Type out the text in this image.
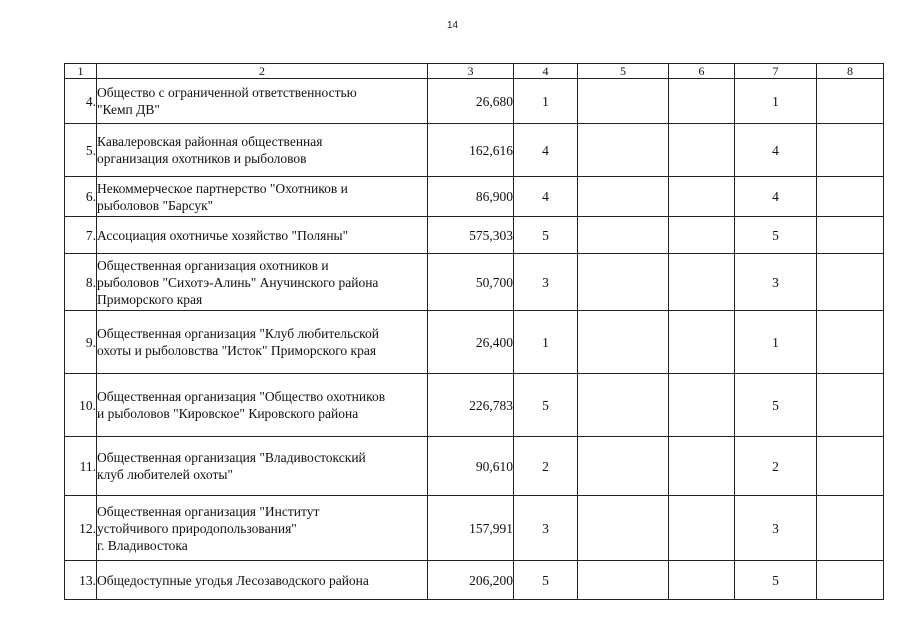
14
1	2	3	4	5	6	7	8
4.	Общество с ограниченной ответственностью
"Кемп ДВ"	26,680	1			1	
5.	Кавалеровская районная общественная
организация охотников и рыболовов	162,616	4			4	
6.	Некоммерческое партнерство "Охотников и
рыболовов "Барсук"	86,900	4			4	
7.	Ассоциация охотничье хозяйство "Поляны"	575,303	5			5	
8.	Общественная организация охотников и
рыболовов "Сихотэ-Алинь" Анучинского района
Приморского края	50,700	3			3	
9.	Общественная организация "Клуб любительской
охоты и рыболовства "Исток" Приморского края	26,400	1			1	
10.	Общественная организация "Общество охотников
и рыболовов "Кировское" Кировского района	226,783	5			5	
11.	Общественная организация "Владивостокский
клуб любителей охоты"	90,610	2			2	
12.	Общественная организация "Институт
устойчивого природопользования"
г. Владивостока	157,991	3			3	
13.	Общедоступные угодья Лесозаводского района	206,200	5			5	
